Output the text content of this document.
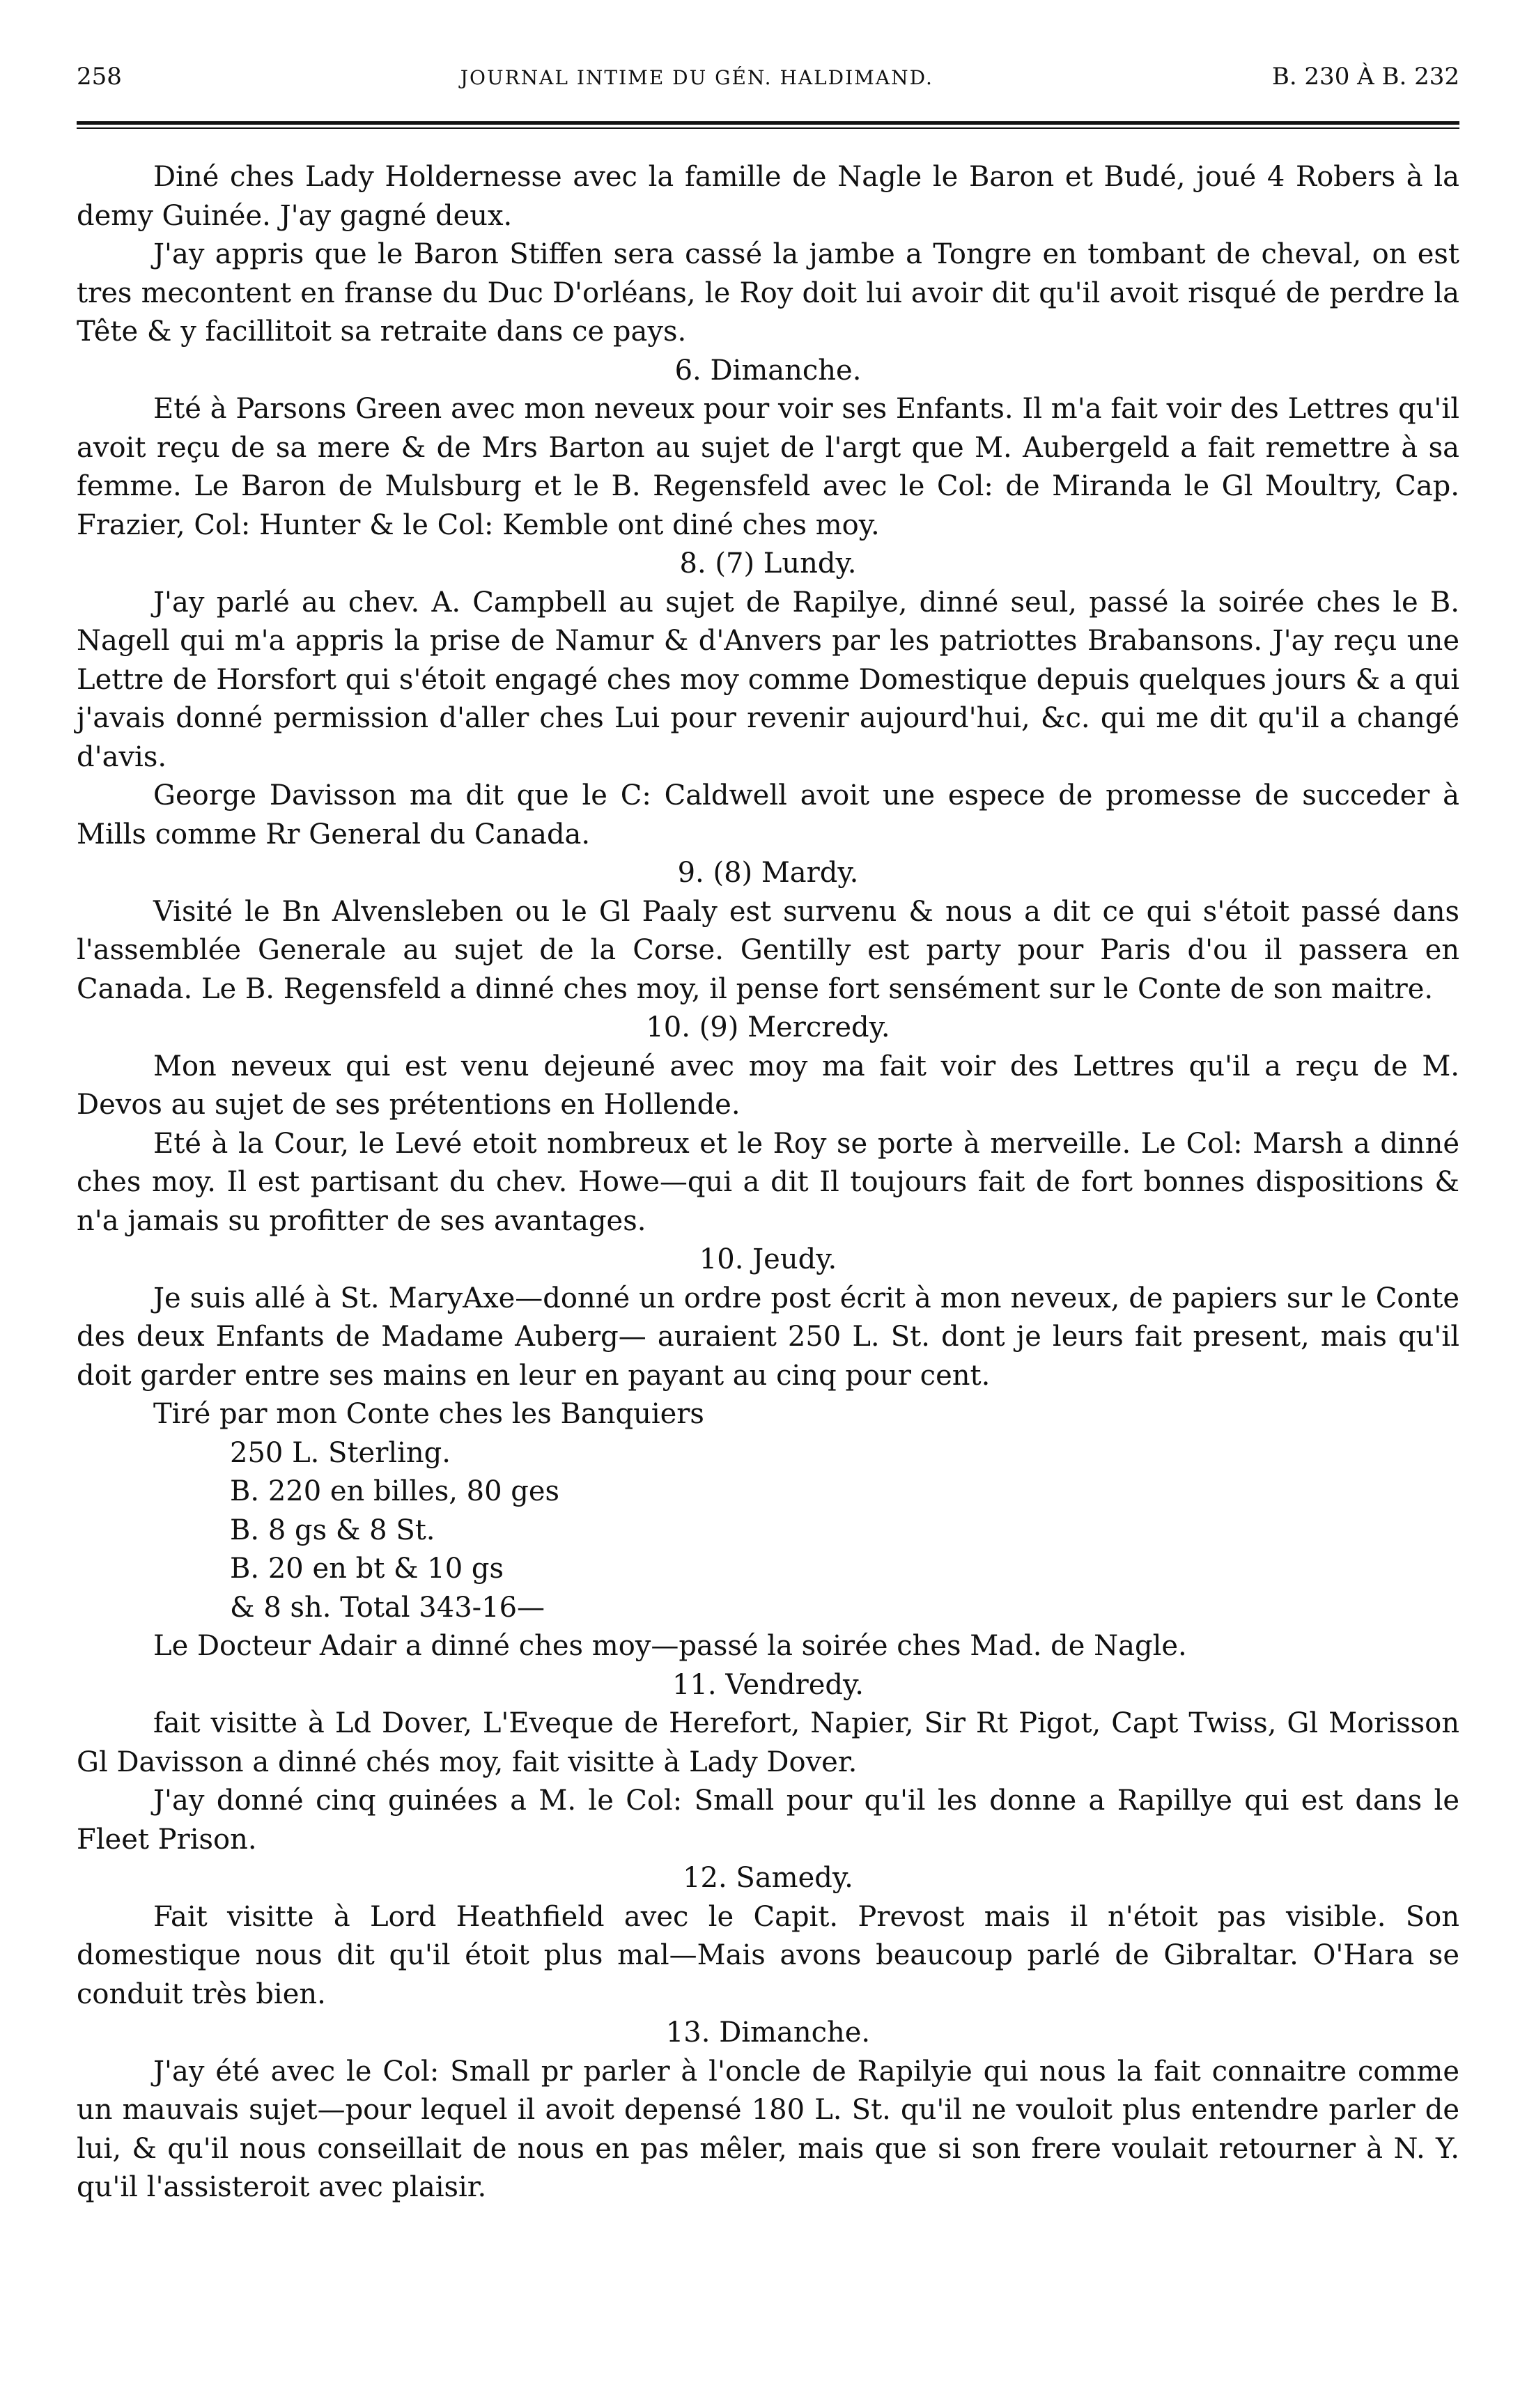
258	JOURNAL INTIME DU GÉN. HALDIMAND.	B. 230 À B. 232

Diné ches Lady Holdernesse avec la famille de Nagle le Baron et Budé, joué 4 Robers à la demy Guinée. J'ay gagné deux.

J'ay appris que le Baron Stiffen sera cassé la jambe a Tongre en tombant de cheval, on est tres mecontent en franse du Duc D'orléans, le Roy doit lui avoir dit qu'il avoit risqué de perdre la Tête & y facillitoit sa retraite dans ce pays.

6. Dimanche.

Eté à Parsons Green avec mon neveux pour voir ses Enfants. Il m'a fait voir des Lettres qu'il avoit reçu de sa mere & de Mrs Barton au sujet de l'argt que M. Aubergeld a fait remettre à sa femme. Le Baron de Mulsburg et le B. Regensfeld avec le Col: de Miranda le Gl Moultry, Cap. Frazier, Col: Hunter & le Col: Kemble ont diné ches moy.

8. (7) Lundy.

J'ay parlé au chev. A. Campbell au sujet de Rapilye, dinné seul, passé la soirée ches le B. Nagell qui m'a appris la prise de Namur & d'Anvers par les patriottes Brabansons. J'ay reçu une Lettre de Horsfort qui s'étoit engagé ches moy comme Domestique depuis quelques jours & a qui j'avais donné permission d'aller ches Lui pour revenir aujourd'hui, &c. qui me dit qu'il a changé d'avis.

George Davisson ma dit que le C: Caldwell avoit une espece de promesse de succeder à Mills comme Rr General du Canada.

9. (8) Mardy.

Visité le Bn Alvensleben ou le Gl Paaly est survenu & nous a dit ce qui s'étoit passé dans l'assemblée Generale au sujet de la Corse. Gentilly est party pour Paris d'ou il passera en Canada. Le B. Regensfeld a dinné ches moy, il pense fort sensément sur le Conte de son maitre.

10. (9) Mercredy.

Mon neveux qui est venu dejeuné avec moy ma fait voir des Lettres qu'il a reçu de M. Devos au sujet de ses prétentions en Hollende.

Eté à la Cour, le Levé etoit nombreux et le Roy se porte à merveille. Le Col: Marsh a dinné ches moy. Il est partisant du chev. Howe—qui a dit Il toujours fait de fort bonnes dispositions & n'a jamais su profitter de ses avantages.

10. Jeudy.

Je suis allé à St. MaryAxe—donné un ordre post écrit à mon neveux, de papiers sur le Conte des deux Enfants de Madame Auberg— auraient 250 L. St. dont je leurs fait present, mais qu'il doit garder entre ses mains en leur en payant au cinq pour cent.

Tiré par mon Conte ches les Banquiers

250 L. Sterling.

B. 220 en billes, 80 ges

B. 8 gs & 8 St.

B. 20 en bt & 10 gs

& 8 sh. Total 343-16—

Le Docteur Adair a dinné ches moy—passé la soirée ches Mad. de Nagle.

11. Vendredy.

fait visitte à Ld Dover, L'Eveque de Herefort, Napier, Sir Rt Pigot, Capt Twiss, Gl Morisson Gl Davisson a dinné chés moy, fait visitte à Lady Dover.

J'ay donné cinq guinées a M. le Col: Small pour qu'il les donne a Rapillye qui est dans le Fleet Prison.

12. Samedy.

Fait visitte à Lord Heathfield avec le Capit. Prevost mais il n'étoit pas visible. Son domestique nous dit qu'il étoit plus mal—Mais avons beaucoup parlé de Gibraltar. O'Hara se conduit très bien.

13. Dimanche.

J'ay été avec le Col: Small pr parler à l'oncle de Rapilyie qui nous la fait connaitre comme un mauvais sujet—pour lequel il avoit depensé 180 L. St. qu'il ne vouloit plus entendre parler de lui, & qu'il nous conseillait de nous en pas mêler, mais que si son frere voulait retourner à N. Y. qu'il l'assisteroit avec plaisir.
